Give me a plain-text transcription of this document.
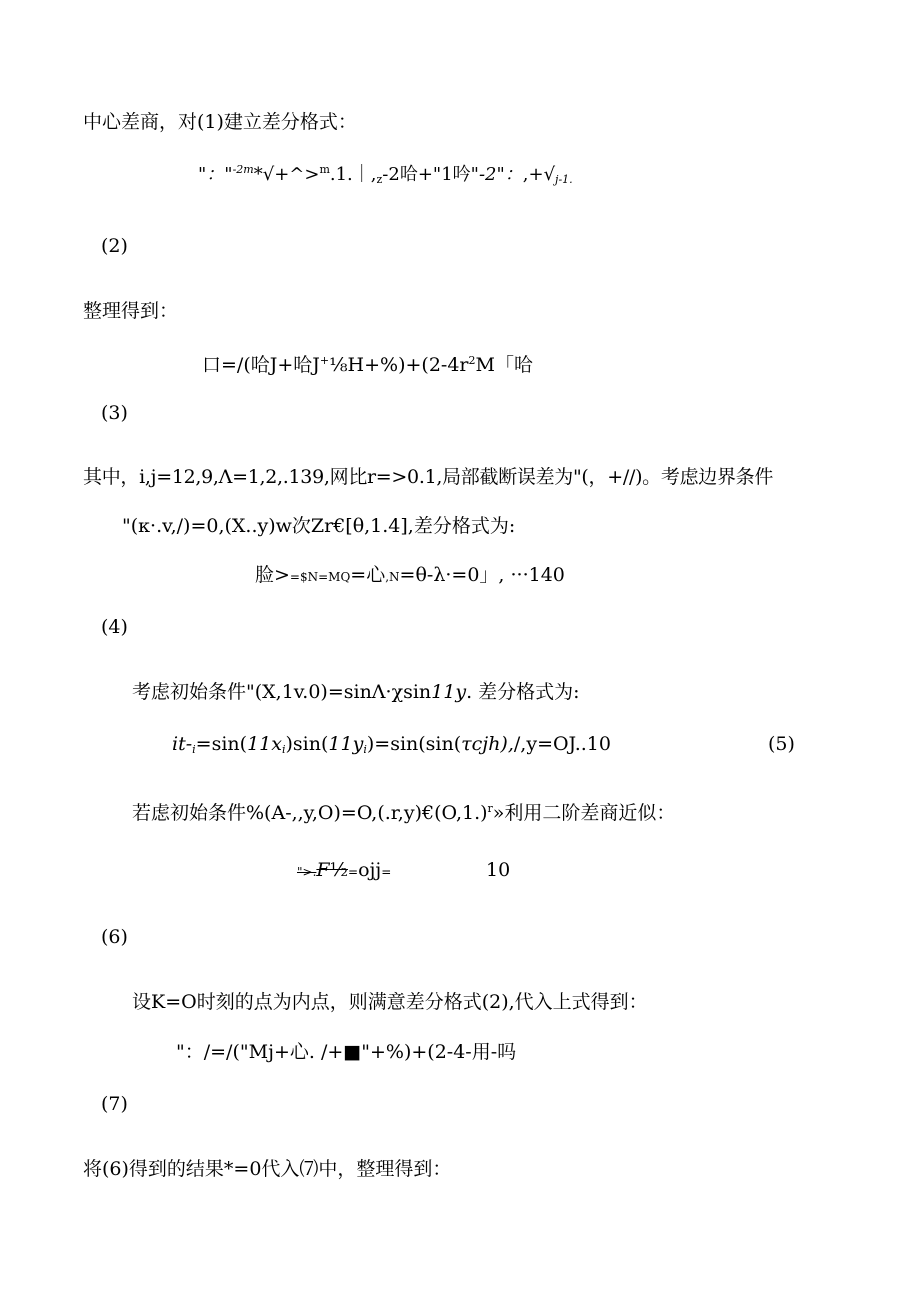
中心差商，对(1)建立差分格式：
"："$^{-2m}*√+\^{}>^m.1.|,_z-2$哈+"1吟"-2"：$,+√_{j-1.}$
(2)
整理得到：
口=/(哈J+哈$J^+\frac{1}{8}H+\%)+(2-4r^2M$「哈
(3)
其中，i,j=12,9,Λ=1,2,.139,网比r=>0.1,局部截断误差为"(，+//)。考虑边界条件
"(κ·.v,/)=0,(X..y)w次Zr€[θ,1.4],差分格式为:
脸>=$N=MQ=心,N=θ-λ·=0」, ···140
(4)
考虑初始条件"(X,1v.0)=sinΛ·χsin11y. 差分格式为:
$it-_i=\sin(11x_i)\sin(11y_i)=\sin(\sin(\tau cjh),/,y=OJ..10$	(5)
若虑初始条件$\%(A-,,y,O)=O,(.r,y)€(O,1.)^r$»利用二阶差商近似：
">.F½=ojj=	10
(6)
设K=O时刻的点为内点，则满意差分格式(2),代入上式得到：
"：/=/("Mj+心. /+■"+%)+(2-4-用-吗
(7)
将(6)得到的结果*=0代入⑺中，整理得到：
